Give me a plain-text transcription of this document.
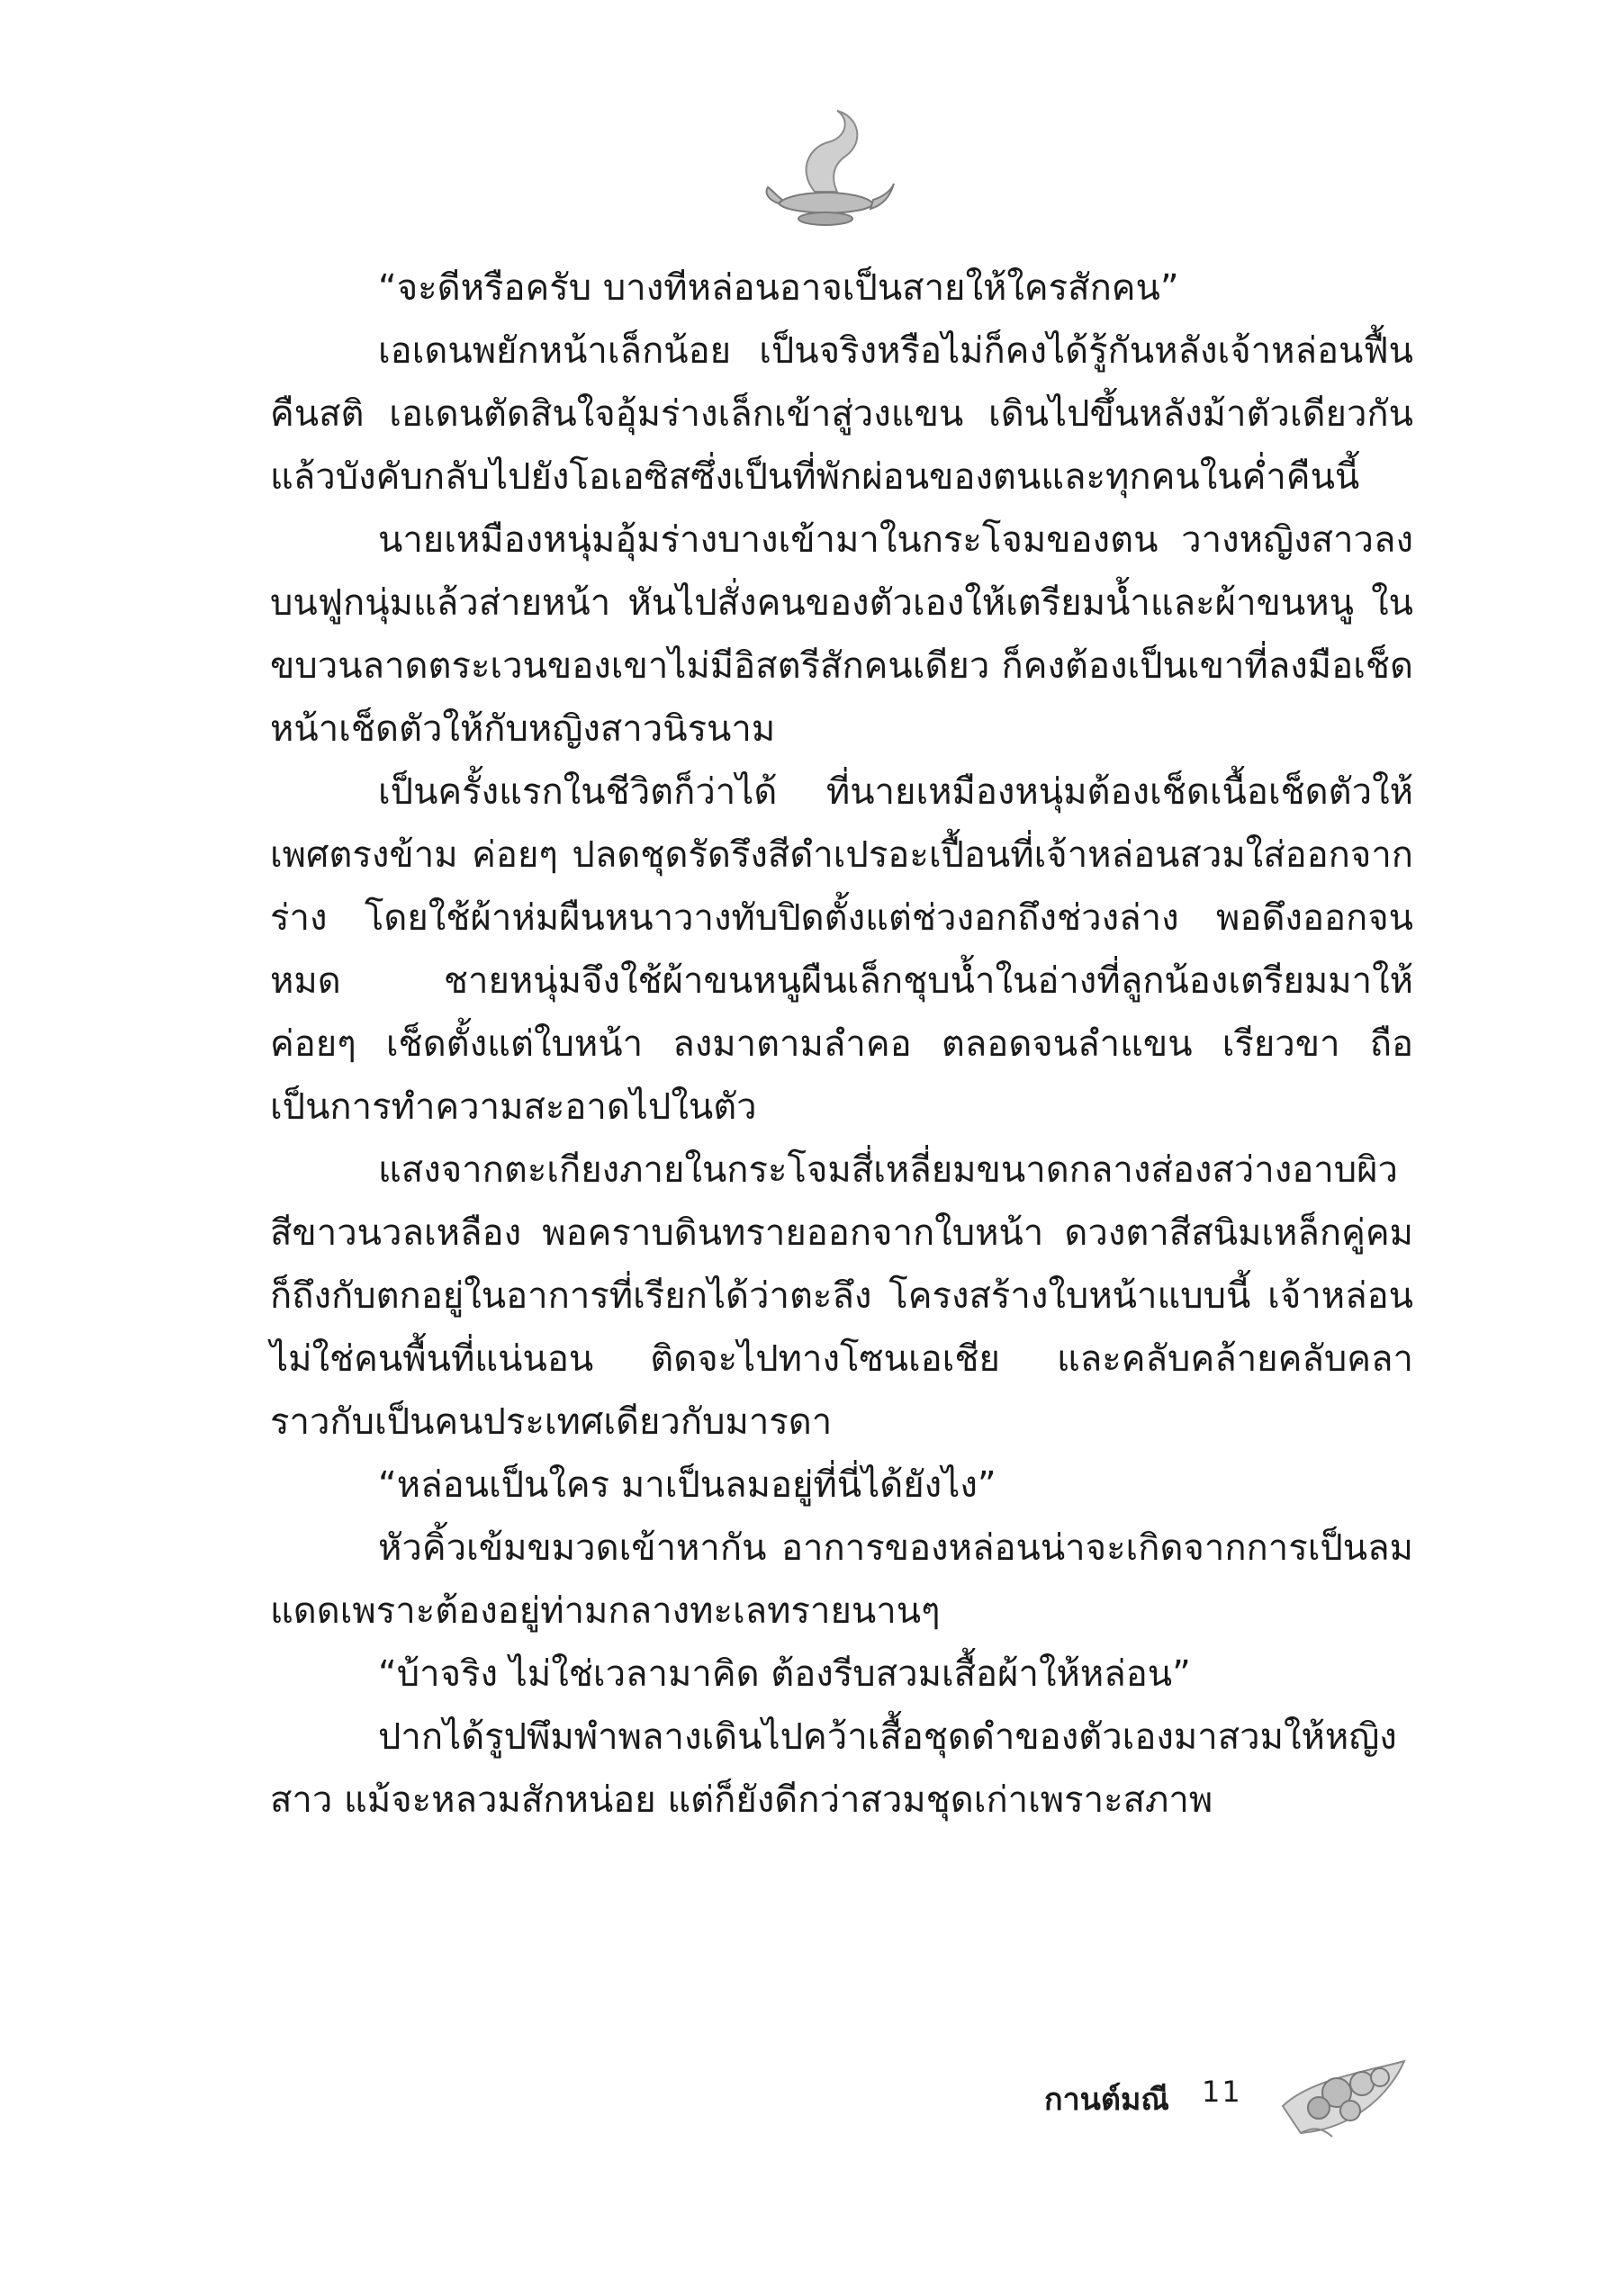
“จะดีหรือครับ บางทีหล่อนอาจเป็นสายให้ใครสักคน”

เอเดนพยักหน้าเล็กน้อย เป็นจริงหรือไม่ก็คงได้รู้กันหลังเจ้าหล่อนฟื้นคืนสติ เอเดนตัดสินใจอุ้มร่างเล็กเข้าสู่วงแขน เดินไปขึ้นหลังม้าตัวเดียวกันแล้วบังคับกลับไปยังโอเอซิสซึ่งเป็นที่พักผ่อนของตนและทุกคนในค่ำคืนนี้

นายเหมืองหนุ่มอุ้มร่างบางเข้ามาในกระโจมของตน วางหญิงสาวลงบนฟูกนุ่มแล้วส่ายหน้า หันไปสั่งคนของตัวเองให้เตรียมน้ำและผ้าขนหนู ในขบวนลาดตระเวนของเขาไม่มีอิสตรีสักคนเดียว ก็คงต้องเป็นเขาที่ลงมือเช็ดหน้าเช็ดตัวให้กับหญิงสาวนิรนาม

เป็นครั้งแรกในชีวิตก็ว่าได้ ที่นายเหมืองหนุ่มต้องเช็ดเนื้อเช็ดตัวให้เพศตรงข้าม ค่อยๆ ปลดชุดรัดรึงสีดำเปรอะเปื้อนที่เจ้าหล่อนสวมใส่ออกจากร่าง โดยใช้ผ้าห่มผืนหนาวางทับปิดตั้งแต่ช่วงอกถึงช่วงล่าง พอดึงออกจนหมด ชายหนุ่มจึงใช้ผ้าขนหนูผืนเล็กชุบน้ำในอ่างที่ลูกน้องเตรียมมาให้ ค่อยๆ เช็ดตั้งแต่ใบหน้า ลงมาตามลำคอ ตลอดจนลำแขน เรียวขา ถือเป็นการทำความสะอาดไปในตัว

แสงจากตะเกียงภายในกระโจมสี่เหลี่ยมขนาดกลางส่องสว่างอาบผิวสีขาวนวลเหลือง พอคราบดินทรายออกจากใบหน้า ดวงตาสีสนิมเหล็กคู่คมก็ถึงกับตกอยู่ในอาการที่เรียกได้ว่าตะลึง โครงสร้างใบหน้าแบบนี้ เจ้าหล่อนไม่ใช่คนพื้นที่แน่นอน ติดจะไปทางโซนเอเชีย และคลับคล้ายคลับคลาราวกับเป็นคนประเทศเดียวกับมารดา

“หล่อนเป็นใคร มาเป็นลมอยู่ที่นี่ได้ยังไง”

หัวคิ้วเข้มขมวดเข้าหากัน อาการของหล่อนน่าจะเกิดจากการเป็นลมแดดเพราะต้องอยู่ท่ามกลางทะเลทรายนานๆ

“บ้าจริง ไม่ใช่เวลามาคิด ต้องรีบสวมเสื้อผ้าให้หล่อน”

ปากได้รูปพึมพำพลางเดินไปคว้าเสื้อชุดดำของตัวเองมาสวมให้หญิงสาว แม้จะหลวมสักหน่อย แต่ก็ยังดีกว่าสวมชุดเก่าเพราะสภาพ

กานต์มณี 11
